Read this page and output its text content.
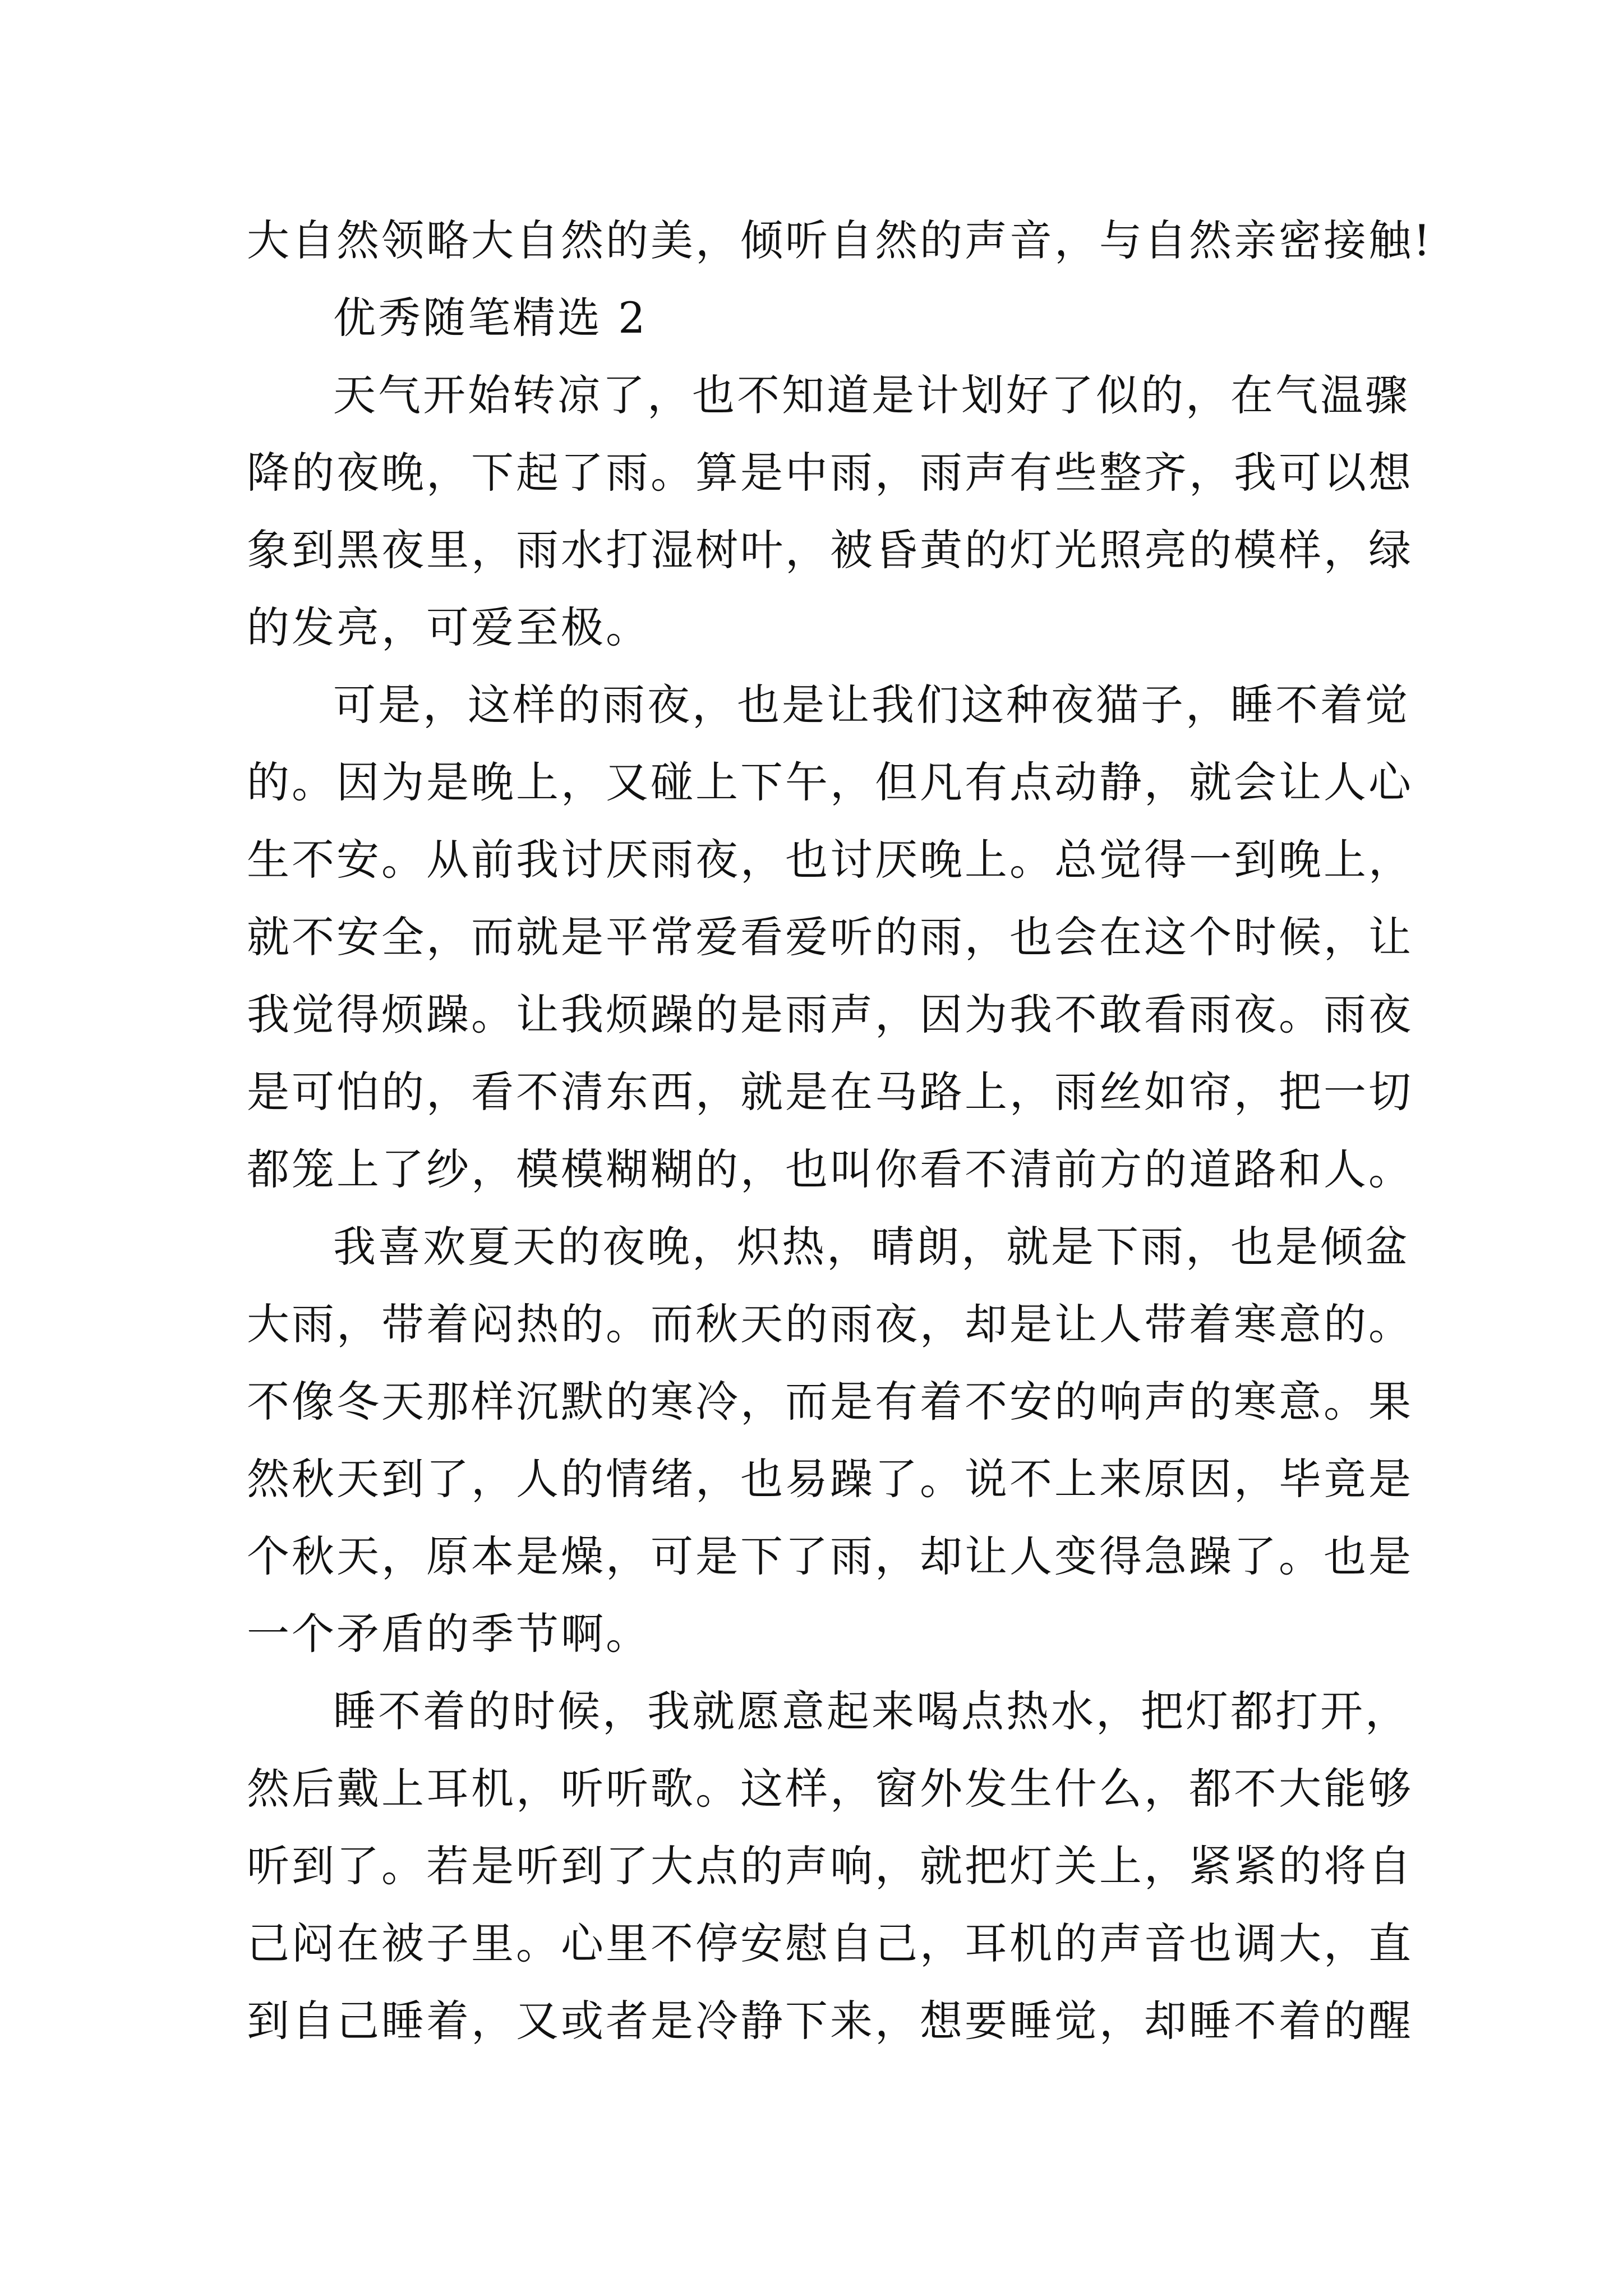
大自然领略大自然的美，倾听自然的声音，与自然亲密接触!
优秀随笔精选 2
天气开始转凉了，也不知道是计划好了似的，在气温骤
降的夜晚，下起了雨。算是中雨，雨声有些整齐，我可以想
象到黑夜里，雨水打湿树叶，被昏黄的灯光照亮的模样，绿
的发亮，可爱至极。
可是，这样的雨夜，也是让我们这种夜猫子，睡不着觉
的。因为是晚上，又碰上下午，但凡有点动静，就会让人心
生不安。从前我讨厌雨夜，也讨厌晚上。总觉得一到晚上，
就不安全，而就是平常爱看爱听的雨，也会在这个时候，让
我觉得烦躁。让我烦躁的是雨声，因为我不敢看雨夜。雨夜
是可怕的，看不清东西，就是在马路上，雨丝如帘，把一切
都笼上了纱，模模糊糊的，也叫你看不清前方的道路和人。
我喜欢夏天的夜晚，炽热，晴朗，就是下雨，也是倾盆
大雨，带着闷热的。而秋天的雨夜，却是让人带着寒意的。
不像冬天那样沉默的寒冷，而是有着不安的响声的寒意。果
然秋天到了，人的情绪，也易躁了。说不上来原因，毕竟是
个秋天，原本是燥，可是下了雨，却让人变得急躁了。也是
一个矛盾的季节啊。
睡不着的时候，我就愿意起来喝点热水，把灯都打开，
然后戴上耳机，听听歌。这样，窗外发生什么，都不大能够
听到了。若是听到了大点的声响，就把灯关上，紧紧的将自
己闷在被子里。心里不停安慰自己，耳机的声音也调大，直
到自己睡着，又或者是冷静下来，想要睡觉，却睡不着的醒
